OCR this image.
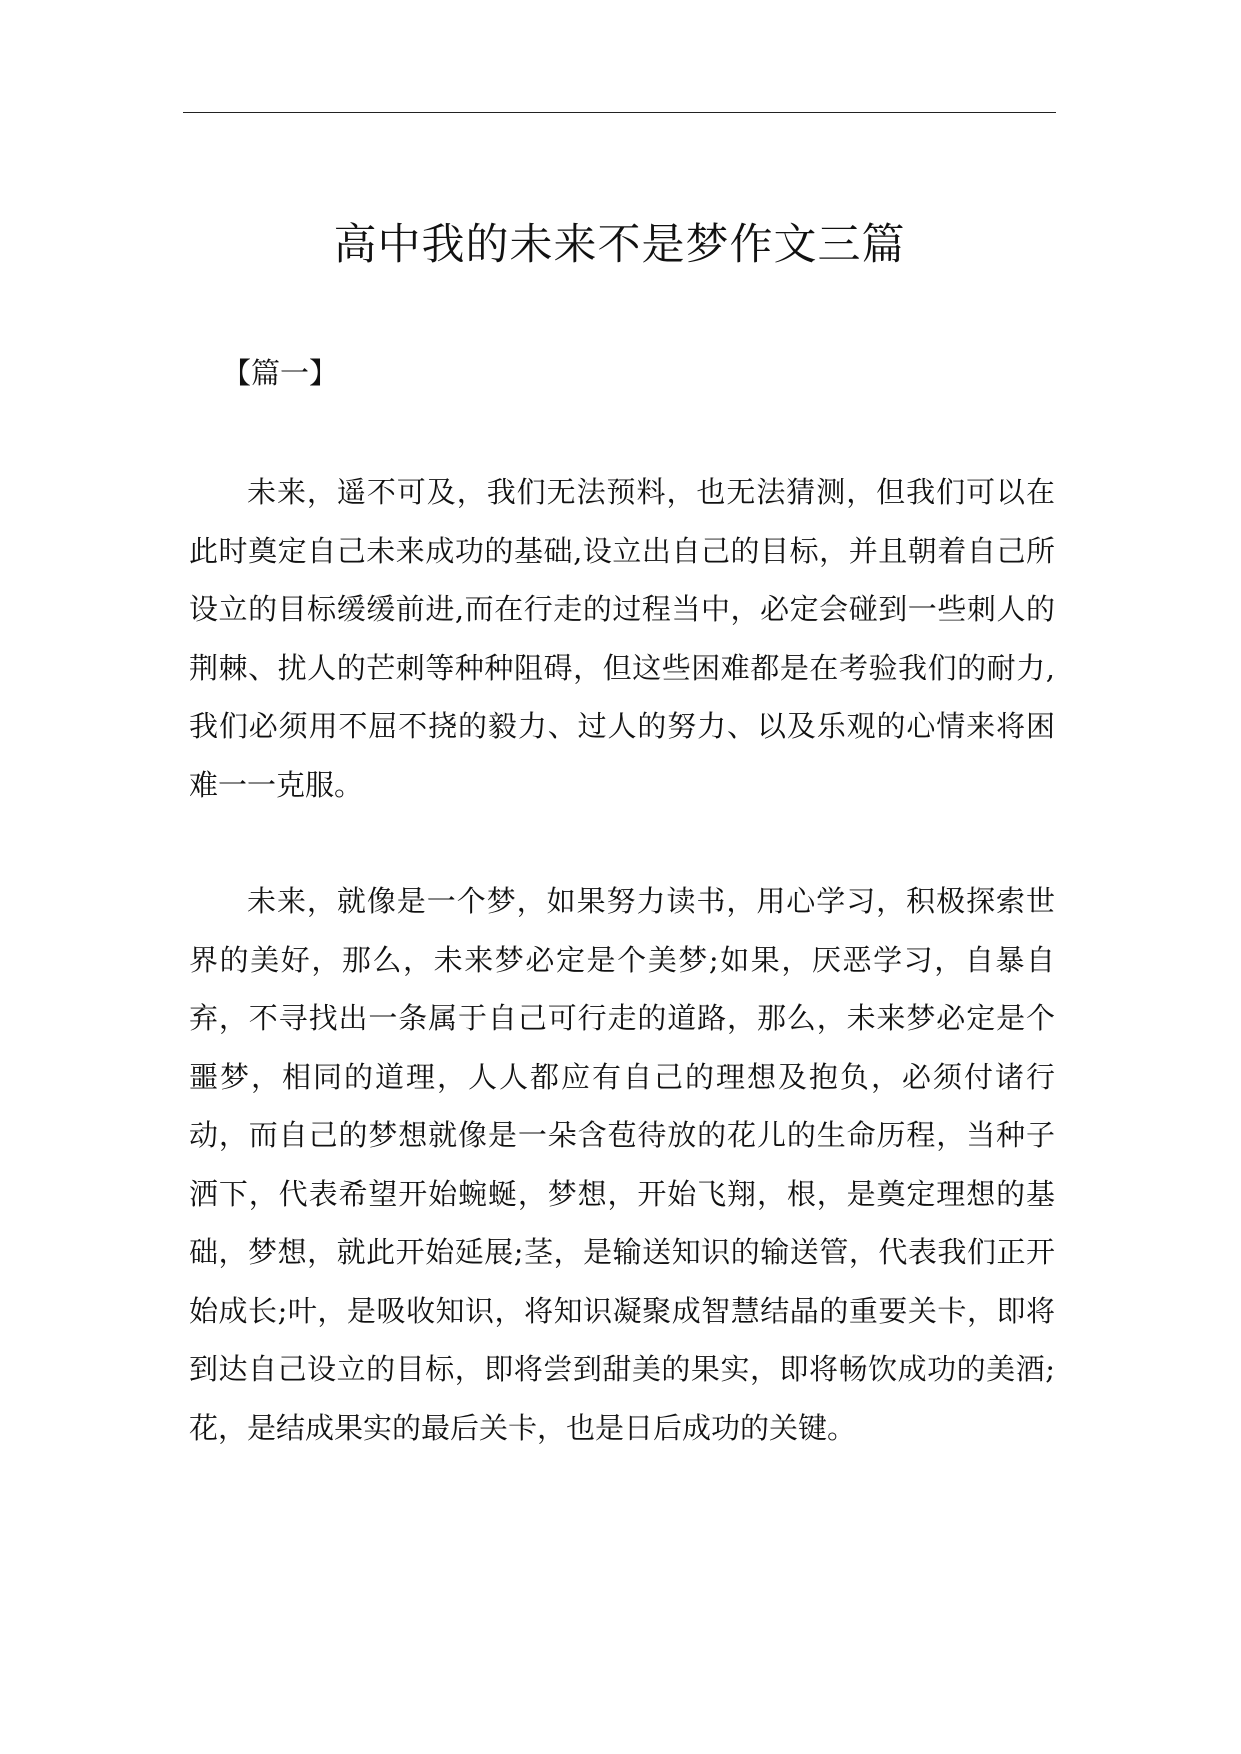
高中我的未来不是梦作文三篇

【篇一】

未来，遥不可及，我们无法预料，也无法猜测，但我们可以在此时奠定自己未来成功的基础,设立出自己的目标，并且朝着自己所设立的目标缓缓前进,而在行走的过程当中，必定会碰到一些刺人的荆棘、扰人的芒刺等种种阻碍，但这些困难都是在考验我们的耐力,我们必须用不屈不挠的毅力、过人的努力、以及乐观的心情来将困难一一克服。

未来，就像是一个梦，如果努力读书，用心学习，积极探索世界的美好，那么，未来梦必定是个美梦;如果，厌恶学习，自暴自弃，不寻找出一条属于自己可行走的道路，那么，未来梦必定是个噩梦，相同的道理，人人都应有自己的理想及抱负，必须付诸行动，而自己的梦想就像是一朵含苞待放的花儿的生命历程，当种子洒下，代表希望开始蜿蜒，梦想，开始飞翔，根，是奠定理想的基础，梦想，就此开始延展;茎，是输送知识的输送管，代表我们正开始成长;叶，是吸收知识，将知识凝聚成智慧结晶的重要关卡，即将到达自己设立的目标，即将尝到甜美的果实，即将畅饮成功的美酒;花，是结成果实的最后关卡，也是日后成功的关键。
